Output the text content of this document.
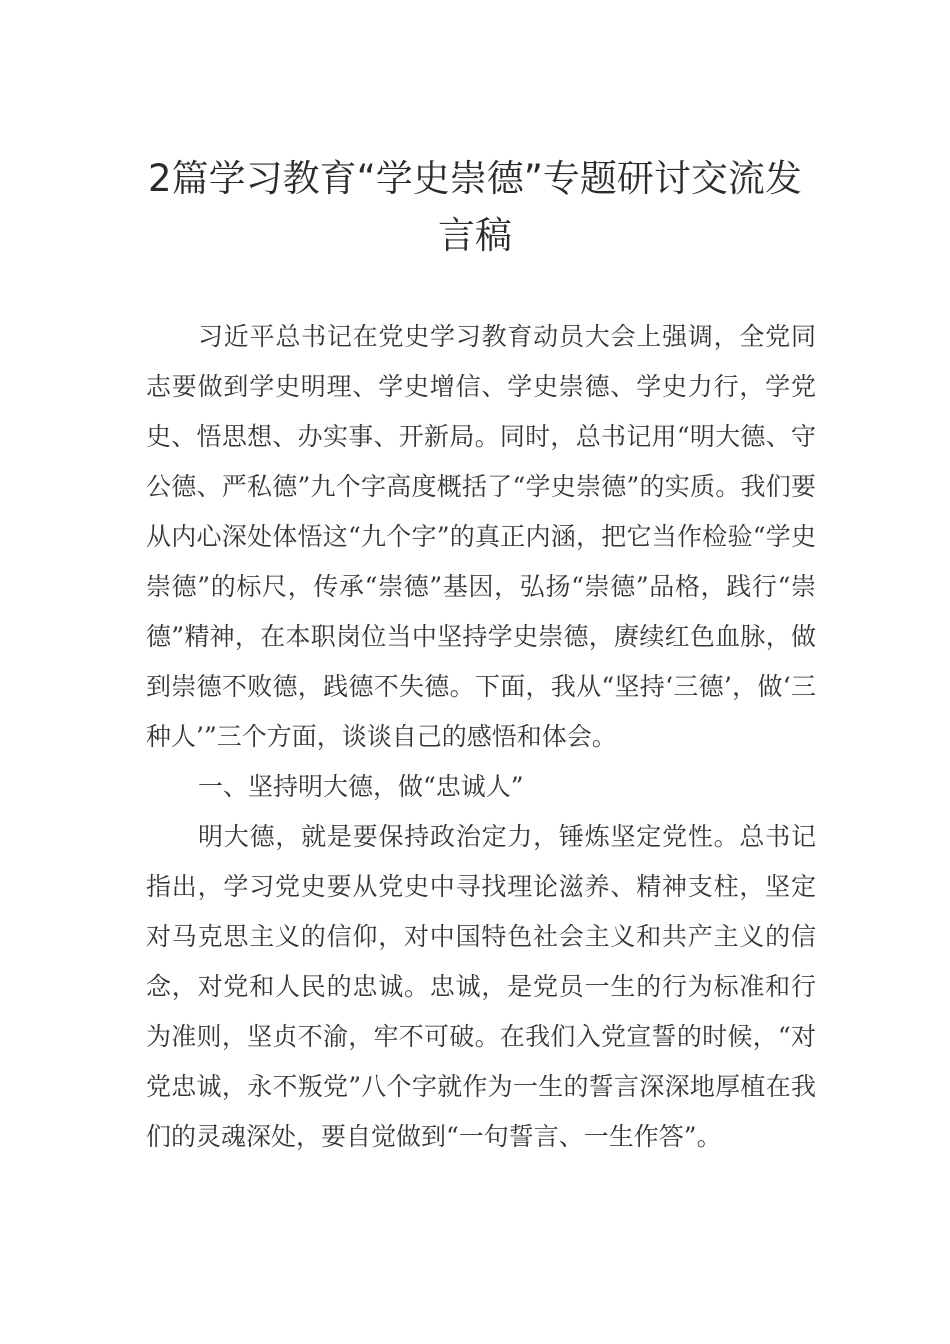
2篇学习教育“学史崇德”专题研讨交流发言稿

习近平总书记在党史学习教育动员大会上强调，全党同志要做到学史明理、学史增信、学史崇德、学史力行，学党史、悟思想、办实事、开新局。同时，总书记用“明大德、守公德、严私德”九个字高度概括了“学史崇德”的实质。我们要从内心深处体悟这“九个字”的真正内涵，把它当作检验“学史崇德”的标尺，传承“崇德”基因，弘扬“崇德”品格，践行“崇德”精神，在本职岗位当中坚持学史崇德，赓续红色血脉，做到崇德不败德，践德不失德。下面，我从“坚持‘三德’，做‘三种人’”三个方面，谈谈自己的感悟和体会。

一、坚持明大德，做“忠诚人”

明大德，就是要保持政治定力，锤炼坚定党性。总书记指出，学习党史要从党史中寻找理论滋养、精神支柱，坚定对马克思主义的信仰，对中国特色社会主义和共产主义的信念，对党和人民的忠诚。忠诚，是党员一生的行为标准和行为准则，坚贞不渝，牢不可破。在我们入党宣誓的时候，“对党忠诚，永不叛党”八个字就作为一生的誓言深深地厚植在我们的灵魂深处，要自觉做到“一句誓言、一生作答”。
